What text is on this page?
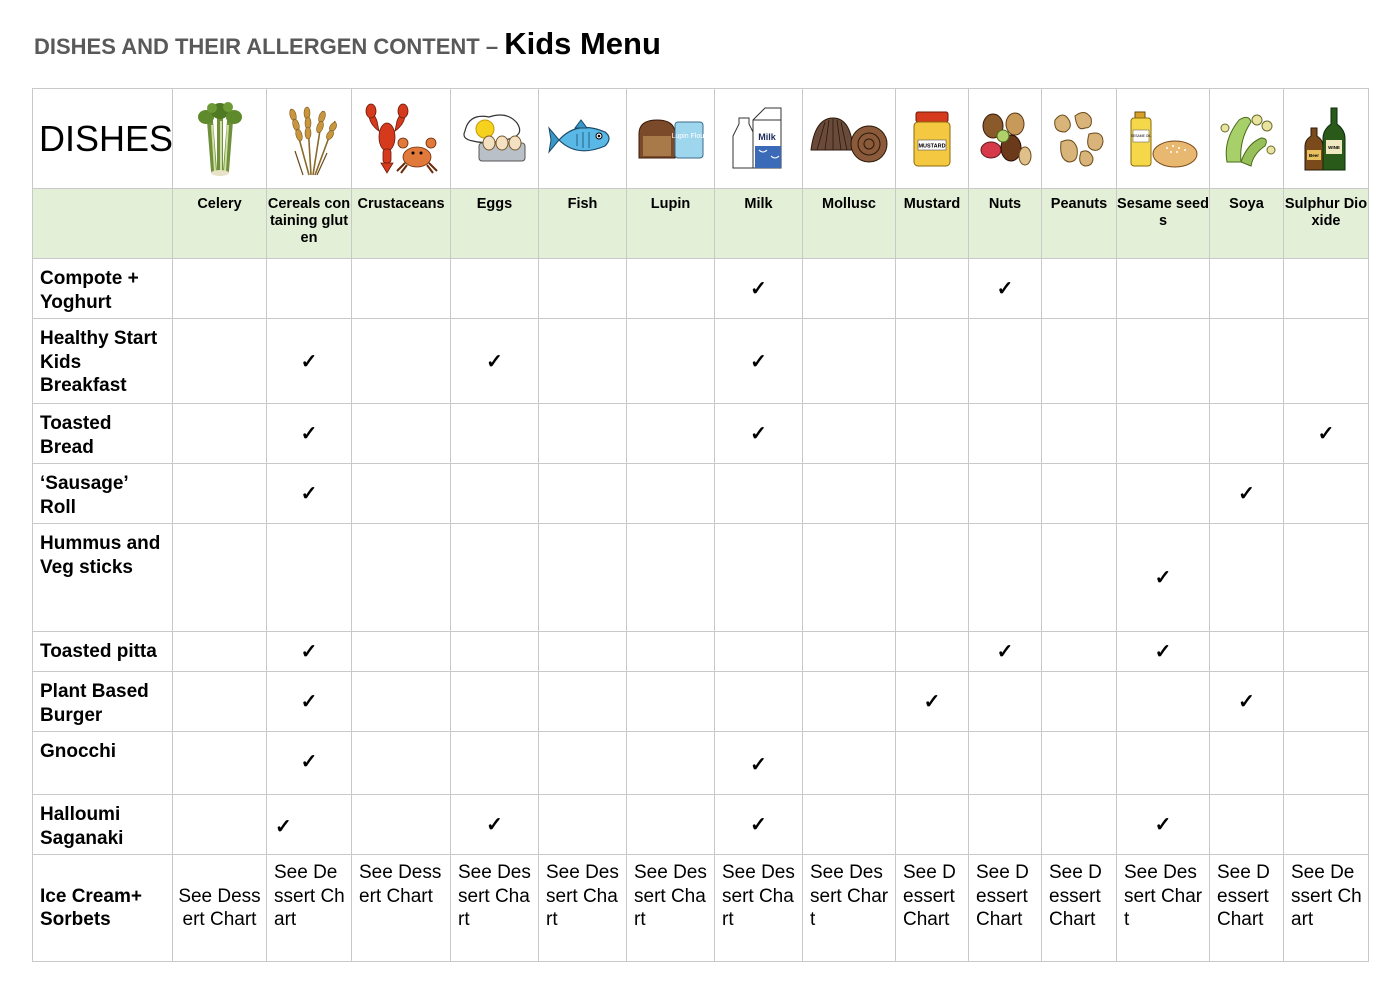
DISHES AND THEIR ALLERGEN CONTENT – Kids Menu
DISHES						Lupin Flour	Milk		MUSTARD			SESAME OIL		Beer
WINE

	Celery	Cereals containing gluten	Crustaceans	Eggs	Fish	Lupin	Milk	Mollusc	Mustard	Nuts	Peanuts	Sesame seeds	Soya	Sulphur Dioxide
Compote + Yoghurt							✓			✓				
Healthy Start Kids Breakfast		✓		✓			✓							
Toasted Bread		✓					✓							✓
‘Sausage’ Roll		✓											✓	
Hummus and Veg sticks												✓		
Toasted pitta		✓								✓		✓		
Plant Based Burger		✓							✓				✓	
Gnocchi		✓					✓							
Halloumi Saganaki		✓		✓			✓					✓		
Ice Cream+ Sorbets	See Dessert Chart	See Dessert Chart	See Dessert Chart	See Dessert Chart	See Dessert Chart	See Dessert Chart	See Dessert Chart	See Dessert Chart	See Dessert Chart	See Dessert Chart	See Dessert Chart	See Dessert Chart	See Dessert Chart	See Dessert Chart
